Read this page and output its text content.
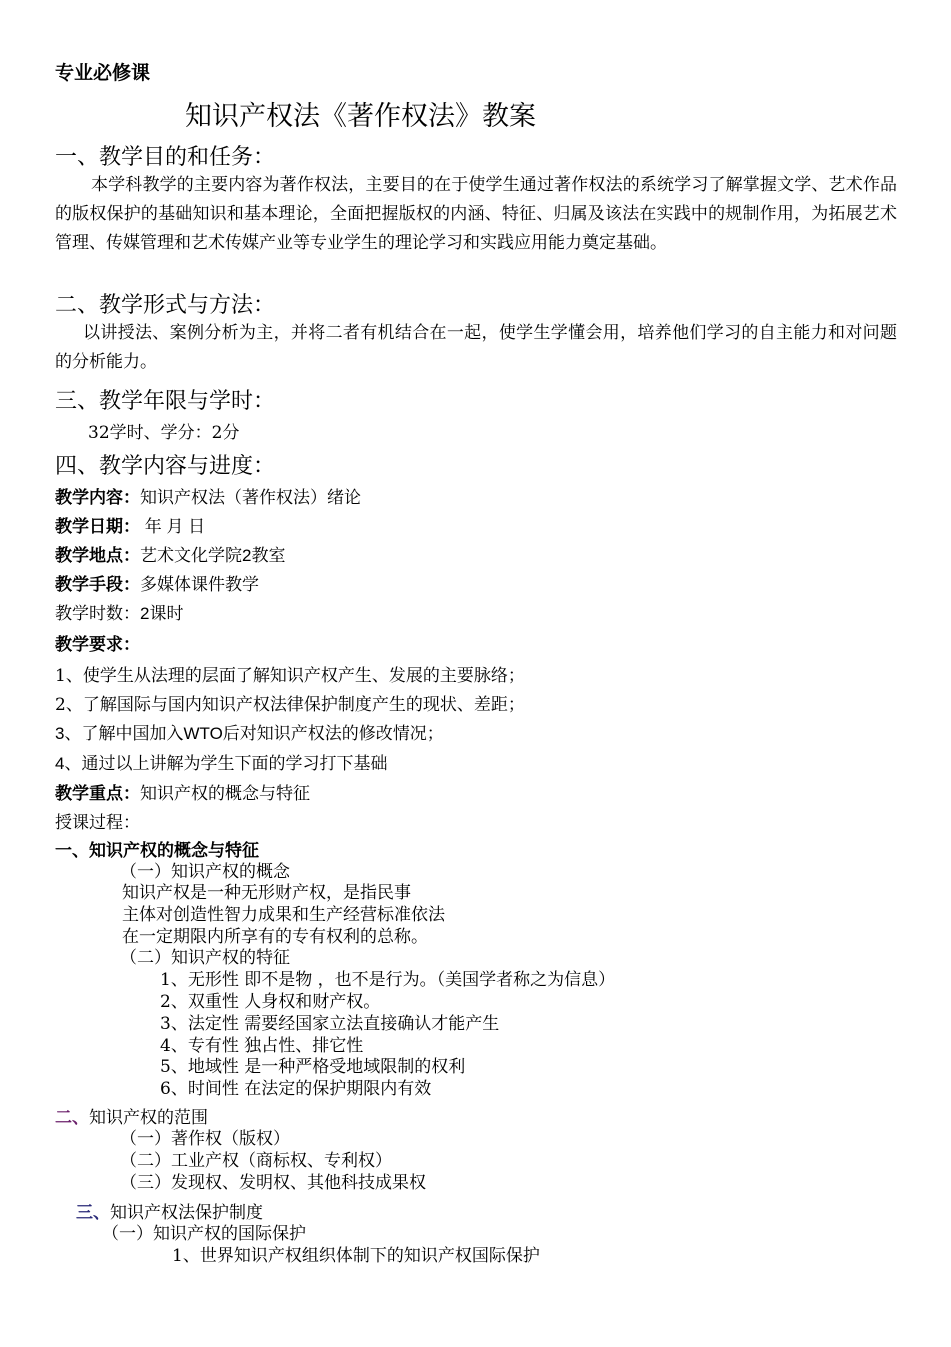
专业必修课
知识产权法《著作权法》教案
一、教学目的和任务：
本学科教学的主要内容为著作权法，主要目的在于使学生通过著作权法的系统学习了解掌握文学、艺术作品的版权保护的基础知识和基本理论，全面把握版权的内涵、特征、归属及该法在实践中的规制作用，为拓展艺术管理、传媒管理和艺术传媒产业等专业学生的理论学习和实践应用能力奠定基础。
二、教学形式与方法：
以讲授法、案例分析为主，并将二者有机结合在一起，使学生学懂会用，培养他们学习的自主能力和对问题的分析能力。
三、教学年限与学时：
32学时、学分：2分
四、教学内容与进度：
教学内容：知识产权法（著作权法）绪论
教学日期： 年 月 日
教学地点：艺术文化学院2教室
教学手段：多媒体课件教学
教学时数：2课时
教学要求：
1、使学生从法理的层面了解知识产权产生、发展的主要脉络；
2、了解国际与国内知识产权法律保护制度产生的现状、差距；
3、了解中国加入WTO后对知识产权法的修改情况；
4、通过以上讲解为学生下面的学习打下基础
教学重点：知识产权的概念与特征
授课过程：
一、知识产权的概念与特征
（一）知识产权的概念
知识产权是一种无形财产权，是指民事
主体对创造性智力成果和生产经营标准依法
在一定期限内所享有的专有权利的总称。
（二）知识产权的特征
1、无形性 即不是物 ，也不是行为。（美国学者称之为信息）
2、双重性 人身权和财产权。
3、法定性 需要经国家立法直接确认才能产生
4、专有性 独占性、排它性
5、地域性 是一种严格受地域限制的权利
6、时间性 在法定的保护期限内有效
二、知识产权的范围
（一）著作权（版权）
（二）工业产权（商标权、专利权）
（三）发现权、发明权、其他科技成果权
三、知识产权法保护制度
（一）知识产权的国际保护
1、世界知识产权组织体制下的知识产权国际保护
